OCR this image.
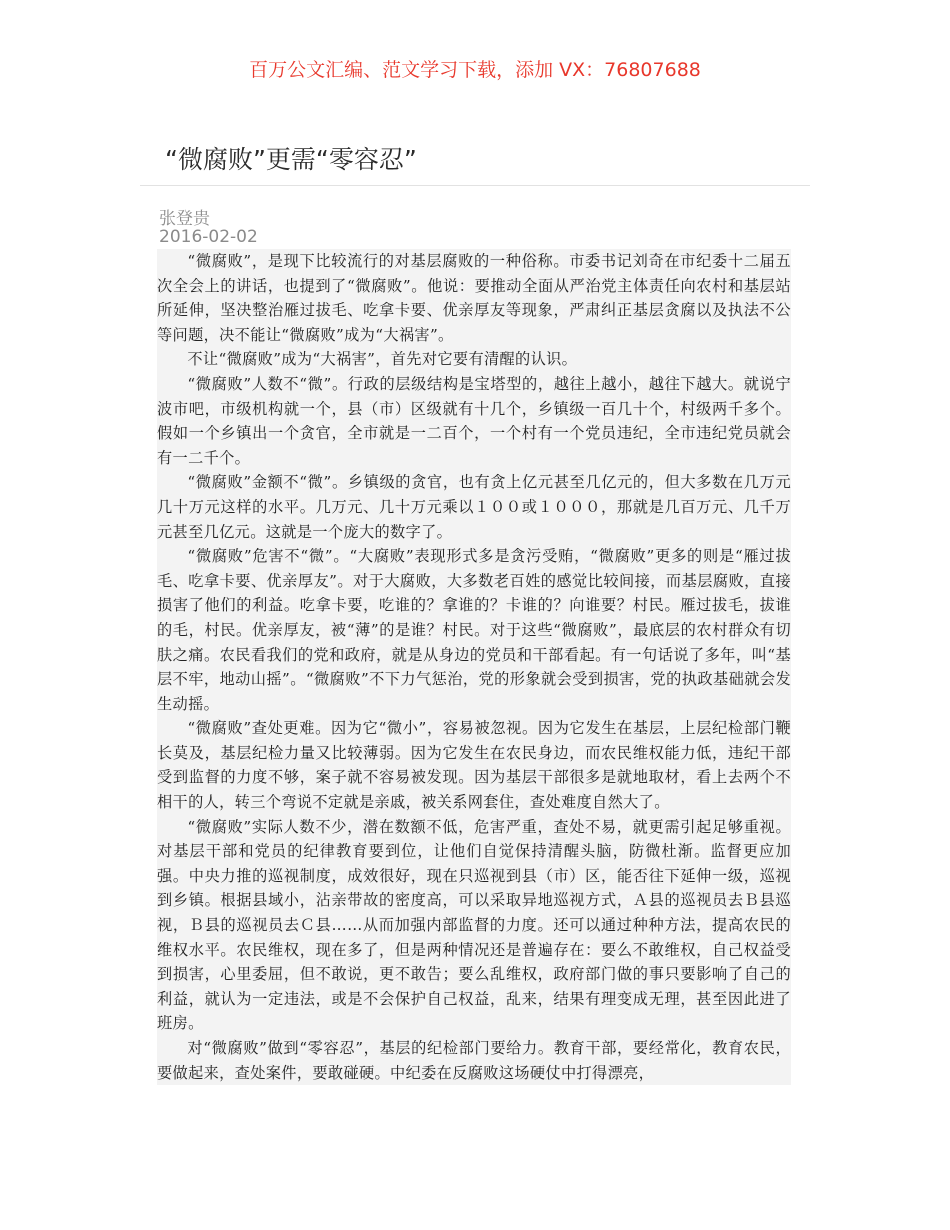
百万公文汇编、范文学习下载，添加 VX：76807688
“微腐败”更需“零容忍”
张登贵
2016-02-02

“微腐败”，是现下比较流行的对基层腐败的一种俗称。市委书记刘奇在市纪委十二届五次全会上的讲话，也提到了“微腐败”。他说：要推动全面从严治党主体责任向农村和基层站所延伸，坚决整治雁过拔毛、吃拿卡要、优亲厚友等现象，严肃纠正基层贪腐以及执法不公等问题，决不能让“微腐败”成为“大祸害”。

不让“微腐败”成为“大祸害”，首先对它要有清醒的认识。

“微腐败”人数不“微”。行政的层级结构是宝塔型的，越往上越小，越往下越大。就说宁波市吧，市级机构就一个，县（市）区级就有十几个，乡镇级一百几十个，村级两千多个。假如一个乡镇出一个贪官，全市就是一二百个，一个村有一个党员违纪，全市违纪党员就会有一二千个。

“微腐败”金额不“微”。乡镇级的贪官，也有贪上亿元甚至几亿元的，但大多数在几万元几十万元这样的水平。几万元、几十万元乘以１００或１０００，那就是几百万元、几千万元甚至几亿元。这就是一个庞大的数字了。

“微腐败”危害不“微”。“大腐败”表现形式多是贪污受贿，“微腐败”更多的则是“雁过拔毛、吃拿卡要、优亲厚友”。对于大腐败，大多数老百姓的感觉比较间接，而基层腐败，直接损害了他们的利益。吃拿卡要，吃谁的？拿谁的？卡谁的？向谁要？村民。雁过拔毛，拔谁的毛，村民。优亲厚友，被“薄”的是谁？村民。对于这些“微腐败”，最底层的农村群众有切肤之痛。农民看我们的党和政府，就是从身边的党员和干部看起。有一句话说了多年，叫“基层不牢，地动山摇”。“微腐败”不下力气惩治，党的形象就会受到损害，党的执政基础就会发生动摇。

“微腐败”查处更难。因为它“微小”，容易被忽视。因为它发生在基层，上层纪检部门鞭长莫及，基层纪检力量又比较薄弱。因为它发生在农民身边，而农民维权能力低，违纪干部受到监督的力度不够，案子就不容易被发现。因为基层干部很多是就地取材，看上去两个不相干的人，转三个弯说不定就是亲戚，被关系网套住，查处难度自然大了。

“微腐败”实际人数不少，潜在数额不低，危害严重，查处不易，就更需引起足够重视。对基层干部和党员的纪律教育要到位，让他们自觉保持清醒头脑，防微杜渐。监督更应加强。中央力推的巡视制度，成效很好，现在只巡视到县（市）区，能否往下延伸一级，巡视到乡镇。根据县域小，沾亲带故的密度高，可以采取异地巡视方式，Ａ县的巡视员去Ｂ县巡视，Ｂ县的巡视员去Ｃ县……从而加强内部监督的力度。还可以通过种种方法，提高农民的维权水平。农民维权，现在多了，但是两种情况还是普遍存在：要么不敢维权，自己权益受到损害，心里委屈，但不敢说，更不敢告；要么乱维权，政府部门做的事只要影响了自己的利益，就认为一定违法，或是不会保护自己权益，乱来，结果有理变成无理，甚至因此进了班房。

对“微腐败”做到“零容忍”，基层的纪检部门要给力。教育干部，要经常化，教育农民，要做起来，查处案件，要敢碰硬。中纪委在反腐败这场硬仗中打得漂亮，
